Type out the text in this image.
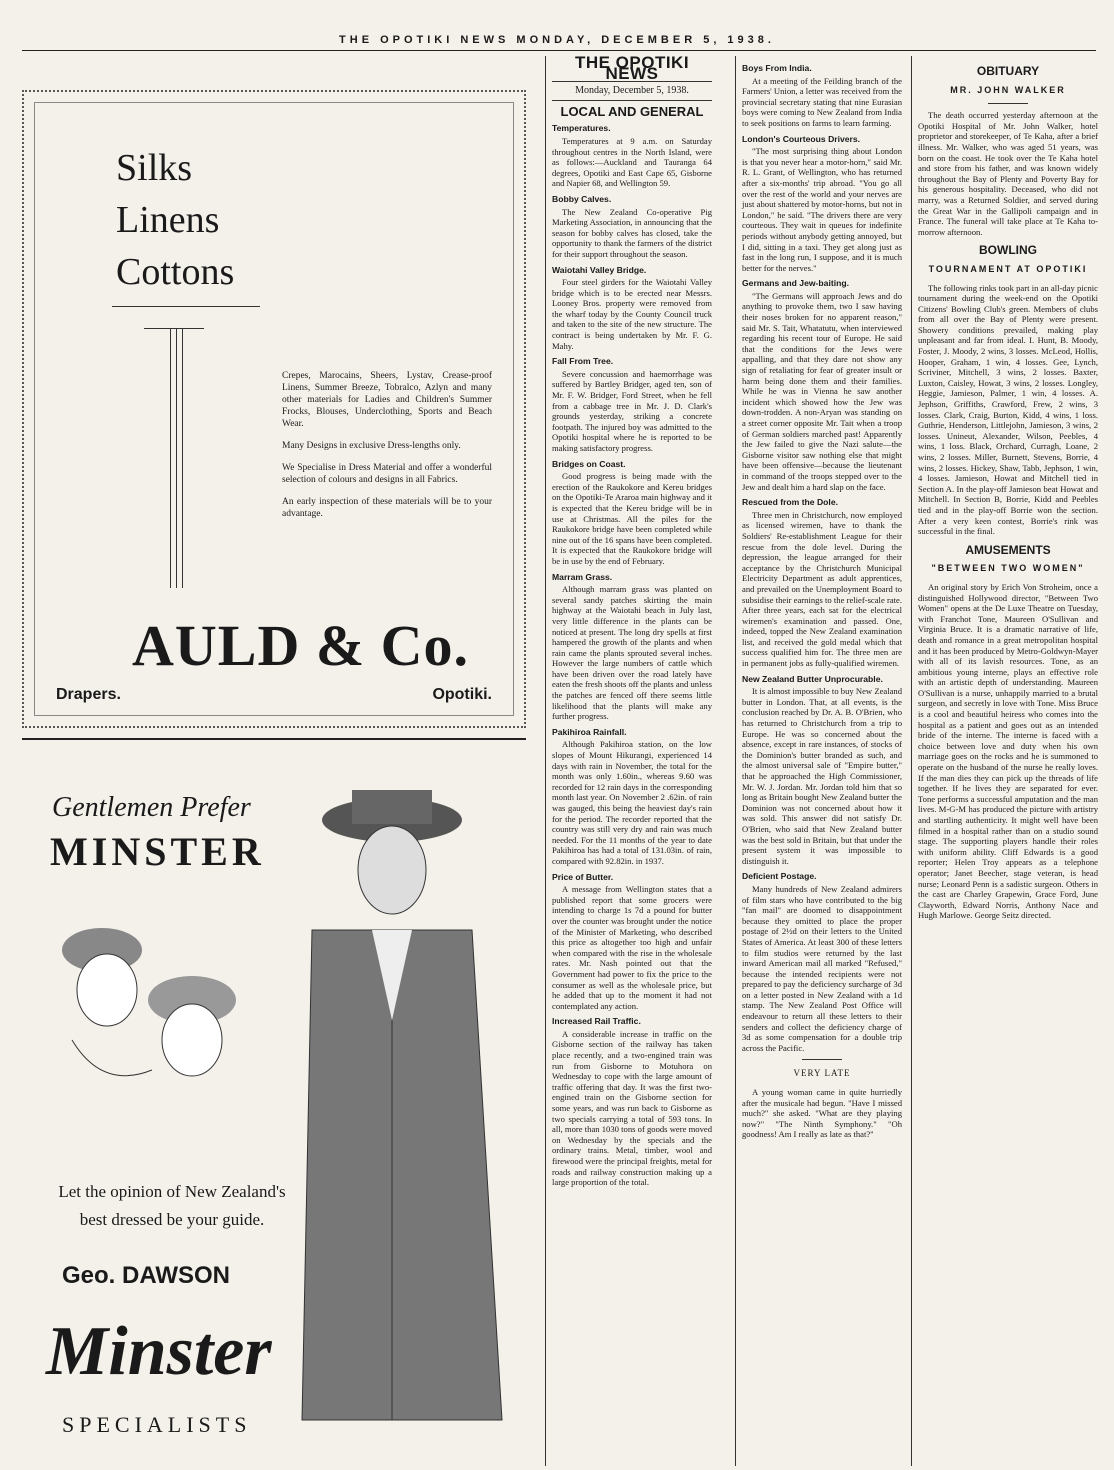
THE OPOTIKI NEWS MONDAY, DECEMBER 5, 1938.
Silks
Linens
Cottons

Crepes, Marocains, Sheers, Lystav, Crease-proof Linens, Summer Breeze, Tobralco, Azlyn and many other materials for Ladies and Children's Summer Frocks, Blouses, Underclothing, Sports and Beach Wear.

Many Designs in exclusive Dress-lengths only.

We Specialise in Dress Material and offer a wonderful selection of colours and designs in all Fabrics.

An early inspection of these materials will be to your advantage.

AULD & Co.
Drapers.	Opotiki.
Gentlemen Prefer
MINSTER
Let the opinion of New Zealand's best dressed be your guide.
Geo. DAWSON
Minster
SPECIALISTS
THE OPOTIKI NEWS
Monday, December 5, 1938.
LOCAL AND GENERAL
Temperatures.

Temperatures at 9 a.m. on Saturday throughout centres in the North Island, were as follows:—Auckland and Tauranga 64 degrees, Opotiki and East Cape 65, Gisborne and Napier 68, and Wellington 59.

Bobby Calves.

The New Zealand Co-operative Pig Marketing Association, in announcing that the season for bobby calves has closed, take the opportunity to thank the farmers of the district for their support throughout the season.

Waiotahi Valley Bridge.

Four steel girders for the Waiotahi Valley bridge which is to be erected near Messrs. Looney Bros. property were removed from the wharf today by the County Council truck and taken to the site of the new structure. The contract is being undertaken by Mr. F. G. Mahy.

Fall From Tree.

Severe concussion and haemorrhage was suffered by Bartley Bridger, aged ten, son of Mr. F. W. Bridger, Ford Street, when he fell from a cabbage tree in Mr. J. D. Clark's grounds yesterday, striking a concrete footpath. The injured boy was admitted to the Opotiki hospital where he is reported to be making satisfactory progress.

Bridges on Coast.

Good progress is being made with the erection of the Raukokore and Kereu bridges on the Opotiki-Te Araroa main highway and it is expected that the Kereu bridge will be in use at Christmas. All the piles for the Raukokore bridge have been completed while nine out of the 16 spans have been completed. It is expected that the Raukokore bridge will be in use by the end of February.

Marram Grass.

Although marram grass was planted on several sandy patches skirting the main highway at the Waiotahi beach in July last, very little difference in the plants can be noticed at present. The long dry spells at first hampered the growth of the plants and when rain came the plants sprouted several inches. However the large numbers of cattle which have been driven over the road lately have eaten the fresh shoots off the plants and unless the patches are fenced off there seems little likelihood that the plants will make any further progress.

Pakihiroa Rainfall.

Although Pakihiroa station, on the low slopes of Mount Hikurangi, experienced 14 days with rain in November, the total for the month was only 1.60in., whereas 9.60 was recorded for 12 rain days in the corresponding month last year. On November 2 .62in. of rain was gauged, this being the heaviest day's rain for the period. The recorder reported that the country was still very dry and rain was much needed. For the 11 months of the year to date Pakihiroa has had a total of 131.03in. of rain, compared with 92.82in. in 1937.

Price of Butter.

A message from Wellington states that a published report that some grocers were intending to charge 1s 7d a pound for butter over the counter was brought under the notice of the Minister of Marketing, who described this price as altogether too high and unfair when compared with the rise in the wholesale rates. Mr. Nash pointed out that the Government had power to fix the price to the consumer as well as the wholesale price, but he added that up to the moment it had not contemplated any action.

Increased Rail Traffic.

A considerable increase in traffic on the Gisborne section of the railway has taken place recently, and a two-engined train was run from Gisborne to Motuhora on Wednesday to cope with the large amount of traffic offering that day. It was the first two-engined train on the Gisborne section for some years, and was run back to Gisborne as two specials carrying a total of 593 tons. In all, more than 1030 tons of goods were moved on Wednesday by the specials and the ordinary trains. Metal, timber, wool and firewood were the principal freights, metal for roads and railway construction making up a large proportion of the total.

Boys From India.

At a meeting of the Feilding branch of the Farmers' Union, a letter was received from the provincial secretary stating that nine Eurasian boys were coming to New Zealand from India to seek positions on farms to learn farming.

London's Courteous Drivers.

"The most surprising thing about London is that you never hear a motor-horn," said Mr. R. L. Grant, of Wellington, who has returned after a six-months' trip abroad. "You go all over the rest of the world and your nerves are just about shattered by motor-horns, but not in London," he said. "The drivers there are very courteous. They wait in queues for indefinite periods without anybody getting annoyed, but I did, sitting in a taxi. They get along just as fast in the long run, I suppose, and it is much better for the nerves."

Germans and Jew-baiting.

"The Germans will approach Jews and do anything to provoke them, two I saw having their noses broken for no apparent reason," said Mr. S. Tait, Whatatutu, when interviewed regarding his recent tour of Europe. He said that the conditions for the Jews were appalling, and that they dare not show any sign of retaliating for fear of greater insult or harm being done them and their families. While he was in Vienna he saw another incident which showed how the Jew was down-trodden. A non-Aryan was standing on a street corner opposite Mr. Tait when a troop of German soldiers marched past! Apparently the Jew failed to give the Nazi salute—the Gisborne visitor saw nothing else that might have been offensive—because the lieutenant in command of the troops stepped over to the Jew and dealt him a hard slap on the face.

Rescued from the Dole.

Three men in Christchurch, now employed as licensed wiremen, have to thank the Soldiers' Re-establishment League for their rescue from the dole level. During the depression, the league arranged for their acceptance by the Christchurch Municipal Electricity Department as adult apprentices, and prevailed on the Unemployment Board to subsidise their earnings to the relief-scale rate. After three years, each sat for the electrical wiremen's examination and passed. One, indeed, topped the New Zealand examination list, and received the gold medal which that success qualified him for. The three men are in permanent jobs as fully-qualified wiremen.

New Zealand Butter Unprocurable.

It is almost impossible to buy New Zealand butter in London. That, at all events, is the conclusion reached by Dr. A. B. O'Brien, who has returned to Christchurch from a trip to Europe. He was so concerned about the absence, except in rare instances, of stocks of the Dominion's butter branded as such, and the almost universal sale of "Empire butter," that he approached the High Commissioner, Mr. W. J. Jordan. Mr. Jordan told him that so long as Britain bought New Zealand butter the Dominion was not concerned about how it was sold. This answer did not satisfy Dr. O'Brien, who said that New Zealand butter was the best sold in Britain, but that under the present system it was impossible to distinguish it.

Deficient Postage.

Many hundreds of New Zealand admirers of film stars who have contributed to the big "fan mail" are doomed to disappointment because they omitted to place the proper postage of 2½d on their letters to the United States of America. At least 300 of these letters to film studios were returned by the last inward American mail all marked "Refused," because the intended recipients were not prepared to pay the deficiency surcharge of 3d on a letter posted in New Zealand with a 1d stamp. The New Zealand Post Office will endeavour to return all these letters to their senders and collect the deficiency charge of 3d as some compensation for a double trip across the Pacific.

VERY LATE

A young woman came in quite hurriedly after the musicale had begun. "Have I missed much?" she asked. "What are they playing now?" "The Ninth Symphony." "Oh goodness! Am I really as late as that?"

OBITUARY
MR. JOHN WALKER

The death occurred yesterday afternoon at the Opotiki Hospital of Mr. John Walker, hotel proprietor and storekeeper, of Te Kaha, after a brief illness. Mr. Walker, who was aged 51 years, was born on the coast. He took over the Te Kaha hotel and store from his father, and was known widely throughout the Bay of Plenty and Poverty Bay for his generous hospitality. Deceased, who did not marry, was a Returned Soldier, and served during the Great War in the Gallipoli campaign and in France. The funeral will take place at Te Kaha to-morrow afternoon.

BOWLING
TOURNAMENT AT OPOTIKI

The following rinks took part in an all-day picnic tournament during the week-end on the Opotiki Citizens' Bowling Club's green. Members of clubs from all over the Bay of Plenty were present. Showery conditions prevailed, making play unpleasant and far from ideal. I. Hunt, B. Moody, Foster, J. Moody, 2 wins, 3 losses. McLeod, Hollis, Hooper, Graham, 1 win, 4 losses. Gee, Lynch, Scriviner, Mitchell, 3 wins, 2 losses. Baxter, Luxton, Caisley, Howat, 3 wins, 2 losses. Longley, Heggie, Jamieson, Palmer, 1 win, 4 losses. A. Jephson, Griffiths, Crawford, Frew, 2 wins, 3 losses. Clark, Craig, Burton, Kidd, 4 wins, 1 loss. Guthrie, Henderson, Littlejohn, Jamieson, 3 wins, 2 losses. Unineut, Alexander, Wilson, Peebles, 4 wins, 1 loss. Black, Orchard, Curragh, Loane, 2 wins, 2 losses. Miller, Burnett, Stevens, Borrie, 4 wins, 2 losses. Hickey, Shaw, Tabb, Jephson, 1 win, 4 losses. Jamieson, Howat and Mitchell tied in Section A. In the play-off Jamieson beat Howat and Mitchell. In Section B, Borrie, Kidd and Peebles tied and in the play-off Borrie won the section. After a very keen contest, Borrie's rink was successful in the final.

AMUSEMENTS
"BETWEEN TWO WOMEN"

An original story by Erich Von Stroheim, once a distinguished Hollywood director, "Between Two Women" opens at the De Luxe Theatre on Tuesday, with Franchot Tone, Maureen O'Sullivan and Virginia Bruce. It is a dramatic narrative of life, death and romance in a great metropolitan hospital and it has been produced by Metro-Goldwyn-Mayer with all of its lavish resources. Tone, as an ambitious young interne, plays an effective role with an artistic depth of understanding. Maureen O'Sullivan is a nurse, unhappily married to a brutal surgeon, and secretly in love with Tone. Miss Bruce is a cool and beautiful heiress who comes into the hospital as a patient and goes out as an intended bride of the interne. The interne is faced with a choice between love and duty when his own marriage goes on the rocks and he is summoned to operate on the husband of the nurse he really loves. If the man dies they can pick up the threads of life together. If he lives they are separated for ever. Tone performs a successful amputation and the man lives. M-G-M has produced the picture with artistry and startling authenticity. It might well have been filmed in a hospital rather than on a studio sound stage. The supporting players handle their roles with uniform ability. Cliff Edwards is a good reporter; Helen Troy appears as a telephone operator; Janet Beecher, stage veteran, is head nurse; Leonard Penn is a sadistic surgeon. Others in the cast are Charley Grapewin, Grace Ford, June Clayworth, Edward Norris, Anthony Nace and Hugh Marlowe. George Seitz directed.
